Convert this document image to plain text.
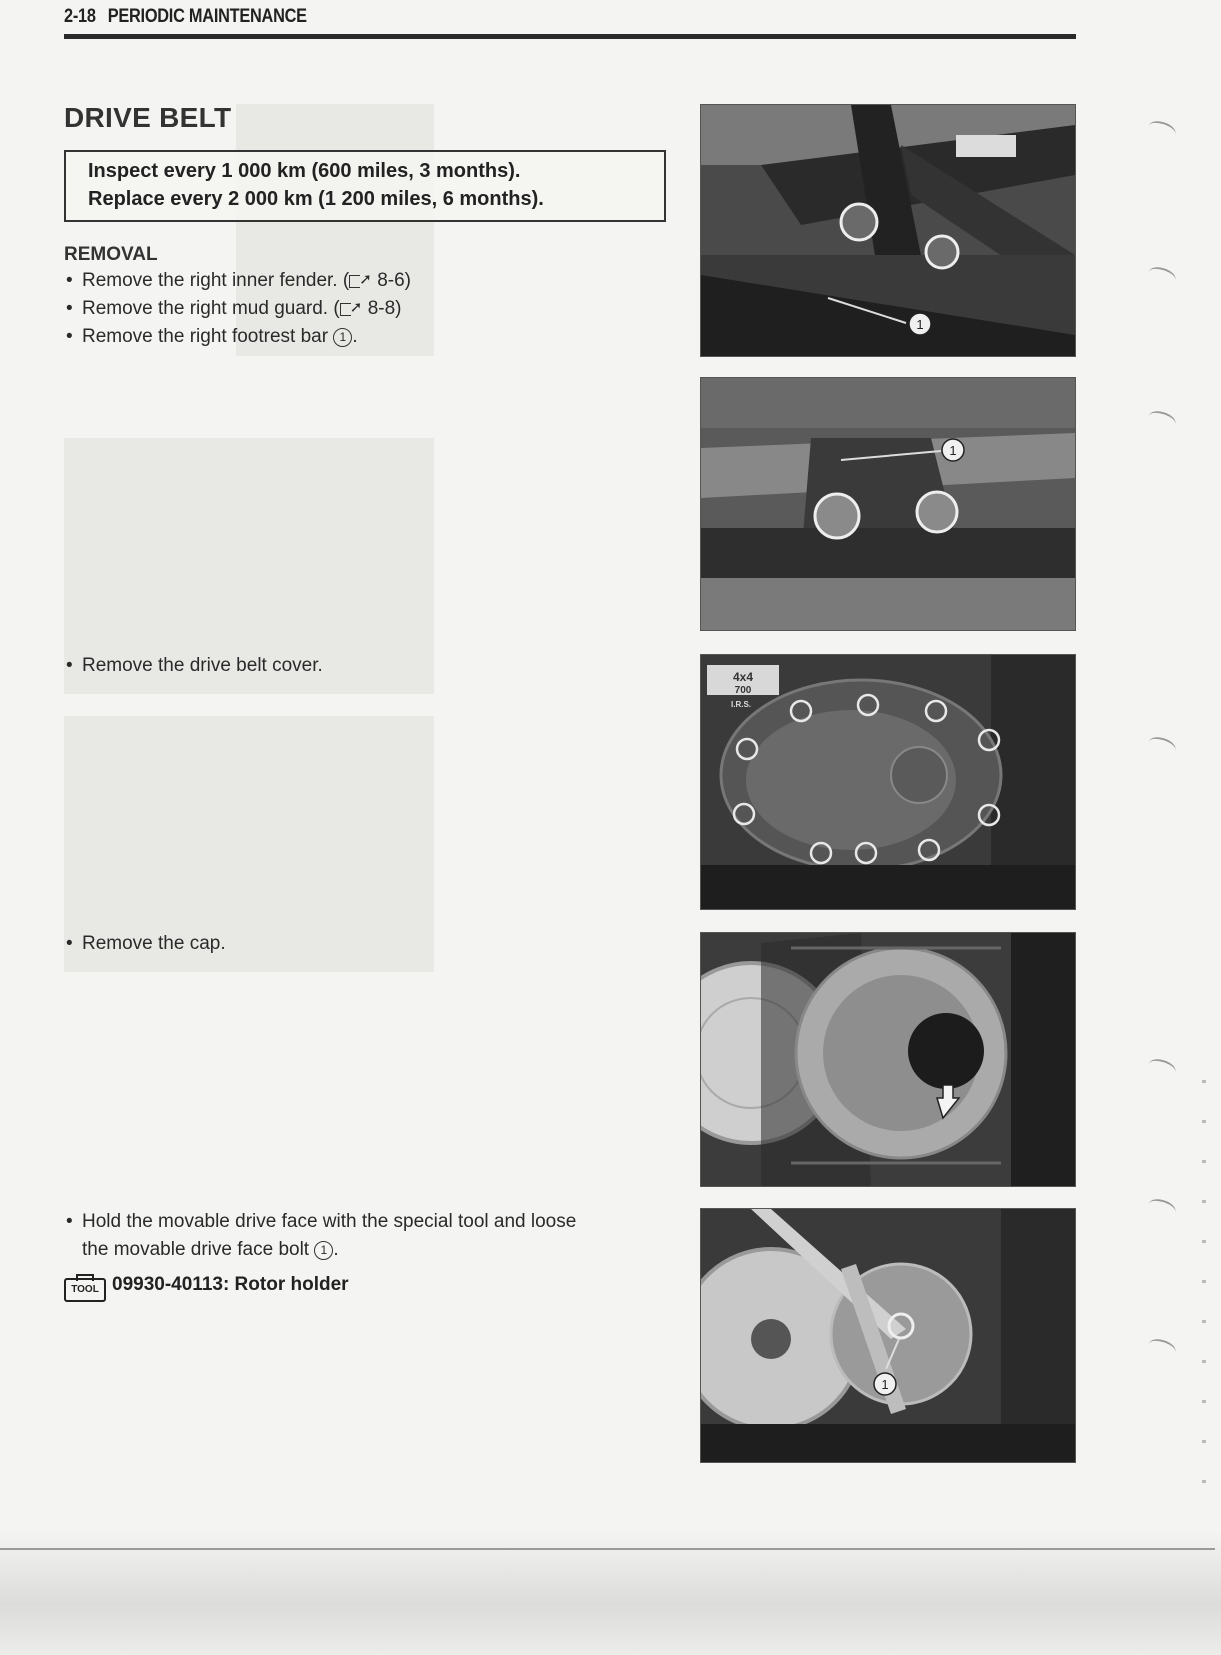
2-18 PERIODIC MAINTENANCE
DRIVE BELT
Inspect every 1 000 km (600 miles, 3 months).
Replace every 2 000 km (1 200 miles, 6 months).
REMOVAL
• Remove the right inner fender. ( ➚ 8-6)
• Remove the right mud guard. ( ➚ 8-8)
• Remove the right footrest bar 1 .
• Remove the drive belt cover.
• Remove the cap.
• Hold the movable drive face with the special tool and loose
the movable drive face bolt 1 .
TOOL 09930-40113: Rotor holder
1
1
4x4
700
I.R.S.
1
